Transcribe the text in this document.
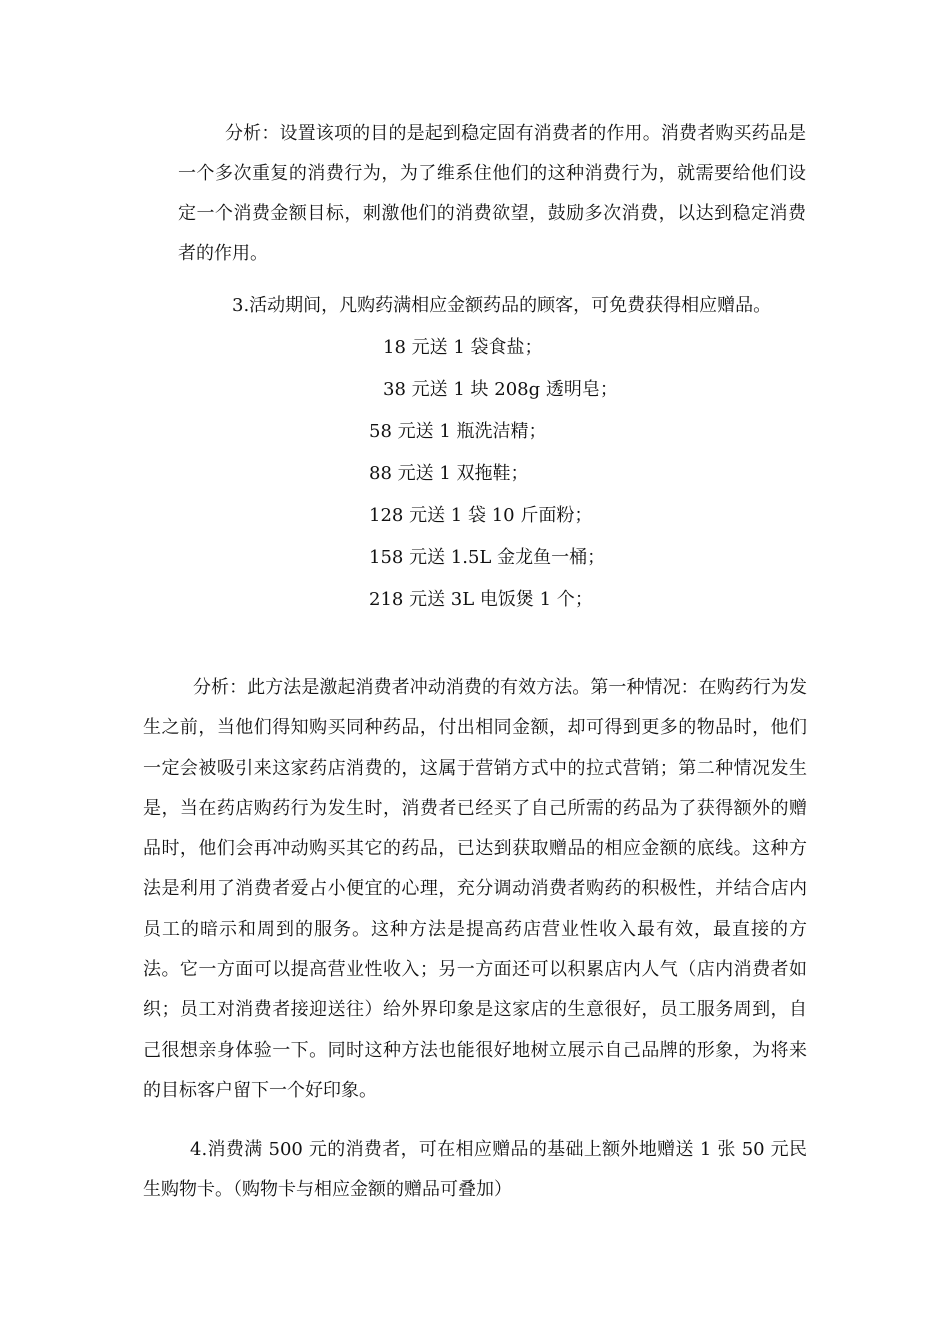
分析：设置该项的目的是起到稳定固有消费者的作用。消费者购买药品是一个多次重复的消费行为，为了维系住他们的这种消费行为，就需要给他们设定一个消费金额目标，刺激他们的消费欲望，鼓励多次消费，以达到稳定消费者的作用。

3.活动期间，凡购药满相应金额药品的顾客，可免费获得相应赠品。

18 元送 1 袋食盐；

38 元送 1 块 208g 透明皂；

58 元送 1 瓶洗洁精；

88 元送 1 双拖鞋；

128 元送 1 袋 10 斤面粉；

158 元送 1.5L 金龙鱼一桶；

218 元送 3L 电饭煲 1 个；

分析：此方法是激起消费者冲动消费的有效方法。第一种情况：在购药行为发生之前，当他们得知购买同种药品，付出相同金额，却可得到更多的物品时，他们一定会被吸引来这家药店消费的，这属于营销方式中的拉式营销；第二种情况发生是，当在药店购药行为发生时，消费者已经买了自己所需的药品为了获得额外的赠品时，他们会再冲动购买其它的药品，已达到获取赠品的相应金额的底线。这种方法是利用了消费者爱占小便宜的心理，充分调动消费者购药的积极性，并结合店内员工的暗示和周到的服务。这种方法是提高药店营业性收入最有效，最直接的方法。它一方面可以提高营业性收入；另一方面还可以积累店内人气（店内消费者如织；员工对消费者接迎送往）给外界印象是这家店的生意很好，员工服务周到，自己很想亲身体验一下。同时这种方法也能很好地树立展示自己品牌的形象，为将来的目标客户留下一个好印象。

4.消费满 500 元的消费者，可在相应赠品的基础上额外地赠送 1 张 50 元民生购物卡。（购物卡与相应金额的赠品可叠加）
